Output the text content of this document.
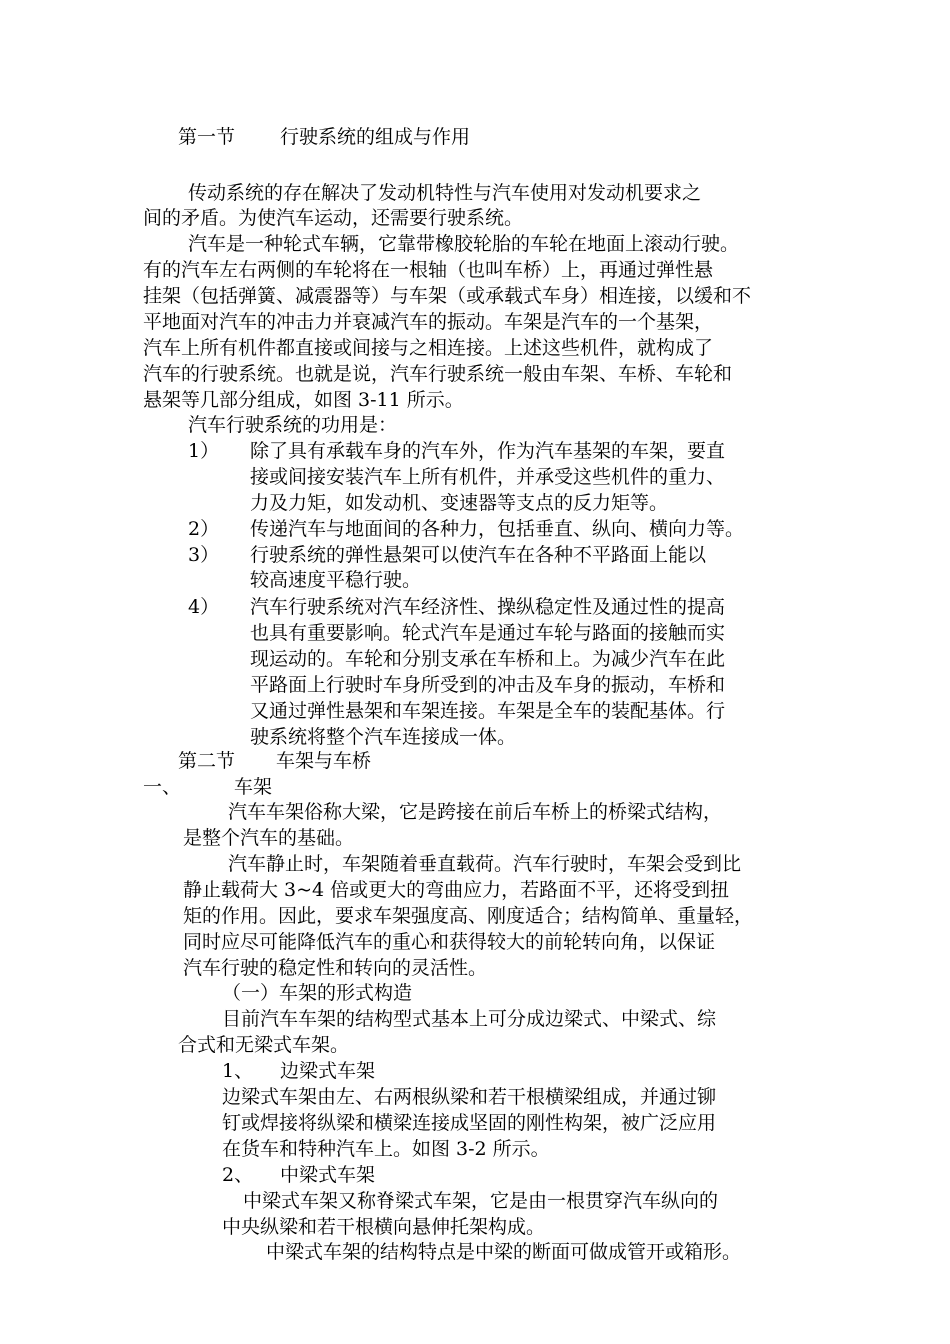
第一节 行驶系统的组成与作用
传动系统的存在解决了发动机特性与汽车使用对发动机要求之
间的矛盾。为使汽车运动，还需要行驶系统。
汽车是一种轮式车辆，它靠带橡胶轮胎的车轮在地面上滚动行驶。
有的汽车左右两侧的车轮将在一根轴（也叫车桥）上，再通过弹性悬
挂架（包括弹簧、减震器等）与车架（或承载式车身）相连接，以缓和不
平地面对汽车的冲击力并衰减汽车的振动。车架是汽车的一个基架，
汽车上所有机件都直接或间接与之相连接。上述这些机件，就构成了
汽车的行驶系统。也就是说，汽车行驶系统一般由车架、车桥、车轮和
悬架等几部分组成，如图 3-11 所示。
汽车行驶系统的功用是：
1） 除了具有承载车身的汽车外，作为汽车基架的车架，要直
接或间接安装汽车上所有机件，并承受这些机件的重力、
力及力矩，如发动机、变速器等支点的反力矩等。
2） 传递汽车与地面间的各种力，包括垂直、纵向、横向力等。
3） 行驶系统的弹性悬架可以使汽车在各种不平路面上能以
较高速度平稳行驶。
4） 汽车行驶系统对汽车经济性、操纵稳定性及通过性的提高
也具有重要影响。轮式汽车是通过车轮与路面的接触而实
现运动的。车轮和分别支承在车桥和上。为减少汽车在此
平路面上行驶时车身所受到的冲击及车身的振动，车桥和
又通过弹性悬架和车架连接。车架是全车的装配基体。行
驶系统将整个汽车连接成一体。
第二节 车架与车桥
一、	车架
汽车车架俗称大梁，它是跨接在前后车桥上的桥梁式结构，
是整个汽车的基础。
汽车静止时，车架随着垂直载荷。汽车行驶时，车架会受到比
静止载荷大 3~4 倍或更大的弯曲应力，若路面不平，还将受到扭
矩的作用。因此，要求车架强度高、刚度适合；结构简单、重量轻，
同时应尽可能降低汽车的重心和获得较大的前轮转向角，以保证
汽车行驶的稳定性和转向的灵活性。
（一）车架的形式构造
目前汽车车架的结构型式基本上可分成边梁式、中梁式、综
合式和无梁式车架。
1、 边梁式车架
边梁式车架由左、右两根纵梁和若干根横梁组成，并通过铆
钉或焊接将纵梁和横梁连接成坚固的刚性构架，被广泛应用
在货车和特种汽车上。如图 3-2 所示。
2、 中梁式车架
中梁式车架又称脊梁式车架，它是由一根贯穿汽车纵向的
中央纵梁和若干根横向悬伸托架构成。
中梁式车架的结构特点是中梁的断面可做成管开或箱形。
